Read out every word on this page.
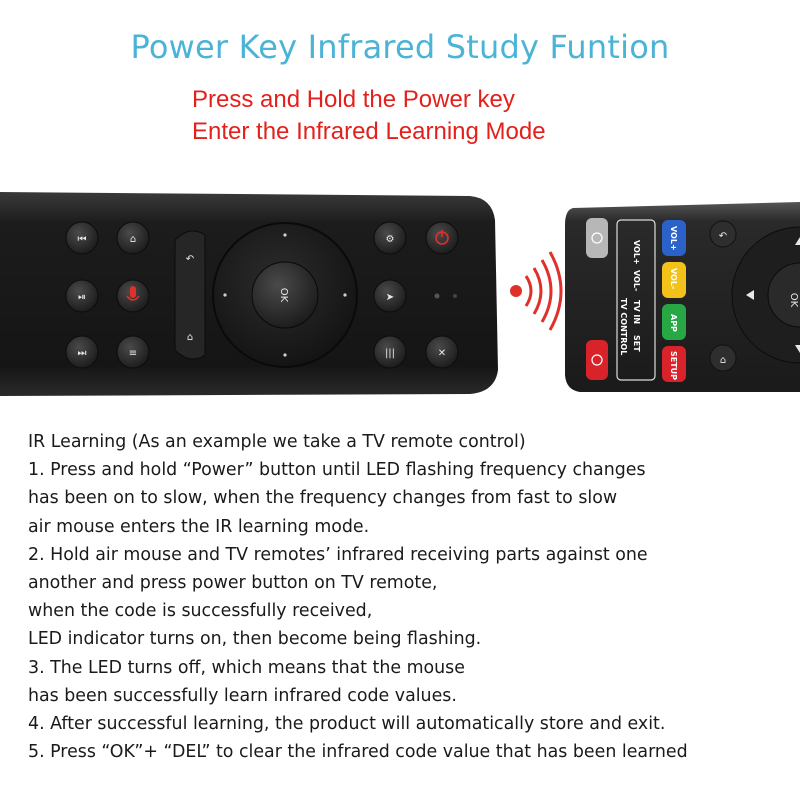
Power Key Infrared Study Funtion
Press and Hold the Power key
Enter the Infrared Learning Mode
⏮
⏯
⏭
⌂
≡
↶
⌂
OK
⚙
➤
|||	✕
VOL+
VOL-
TV IN
SET
TV CONTROL
VOL+
VOL-
APP
SETUP
↶
⌂
OK
IR Learning (As an example we take a TV remote control)
1. Press and hold “Power” button until LED flashing frequency changes
has been on to slow, when the frequency changes from fast to slow
air mouse enters the IR learning mode.
2. Hold air mouse and TV remotes’ infrared receiving parts against one
another and press power button on TV remote,
when the code is successfully received,
LED indicator turns on, then become being flashing.
3. The LED turns off, which means that the mouse
has been successfully learn infrared code values.
4. After successful learning, the product will automatically store and exit.
5. Press “OK”+ “DEL” to clear the infrared code value that has been learned
